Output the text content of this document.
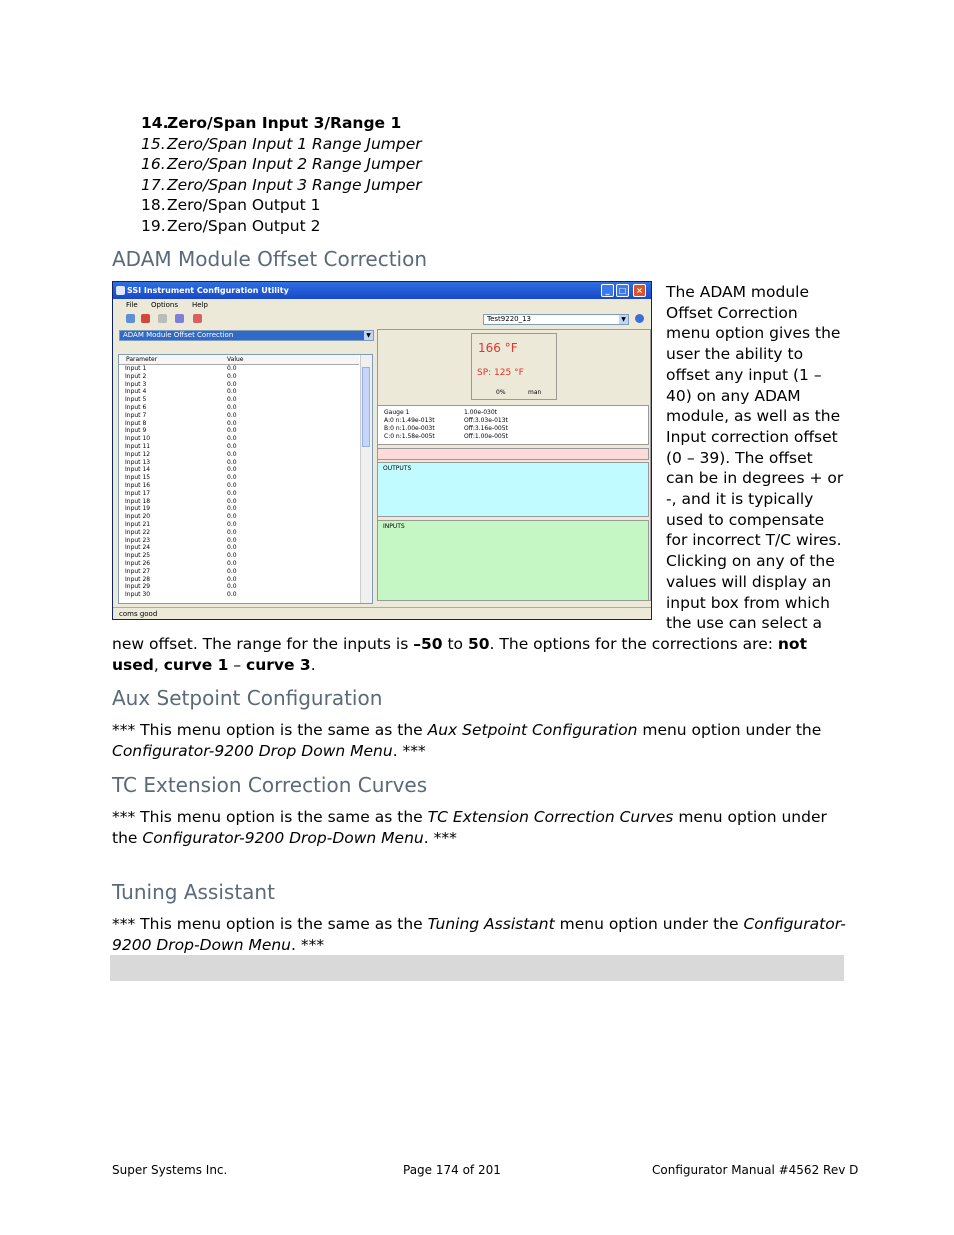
14.Zero/Span Input 3/Range 1
15.Zero/Span Input 1 Range Jumper
16.Zero/Span Input 2 Range Jumper
17.Zero/Span Input 3 Range Jumper
18.Zero/Span Output 1
19.Zero/Span Output 2
ADAM Module Offset Correction
SSI Instrument Configuration Utility	_	□	×
File Options Help
Test9220_13	▼
ADAM Module Offset Correction	▼
Parameter	Value
Input 1	0.0
Input 2	0.0
Input 3	0.0
Input 4	0.0
Input 5	0.0
Input 6	0.0
Input 7	0.0
Input 8	0.0
Input 9	0.0
Input 10	0.0
Input 11	0.0
Input 12	0.0
Input 13	0.0
Input 14	0.0
Input 15	0.0
Input 16	0.0
Input 17	0.0
Input 18	0.0
Input 19	0.0
Input 20	0.0
Input 21	0.0
Input 22	0.0
Input 23	0.0
Input 24	0.0
Input 25	0.0
Input 26	0.0
Input 27	0.0
Input 28	0.0
Input 29	0.0
Input 30	0.0
166 °F
SP: 125 °F
0%	man
Gauge 1	1.00e-030t
A:0 n:1.49e-013t	Off:3.03e-013t
B:0 n:1.00e-003t	Off:3.16e-005t
C:0 n:1.58e-005t	Off:1.00e-005t
OUTPUTS
INPUTS
coms good
The ADAM module
Offset Correction
menu option gives the
user the ability to
offset any input (1 –
40) on any ADAM
module, as well as the
Input correction offset
(0 – 39). The offset
can be in degrees + or
-, and it is typically
used to compensate
for incorrect T/C wires.
Clicking on any of the
values will display an
input box from which
the use can select a
new offset. The range for the inputs is –50 to 50. The options for the corrections are: not
used, curve 1 – curve 3.
Aux Setpoint Configuration
*** This menu option is the same as the Aux Setpoint Configuration menu option under the
Configurator-9200 Drop Down Menu. ***
TC Extension Correction Curves
*** This menu option is the same as the TC Extension Correction Curves menu option under
the Configurator-9200 Drop-Down Menu. ***
Tuning Assistant
*** This menu option is the same as the Tuning Assistant menu option under the Configurator-
9200 Drop-Down Menu. ***
Super Systems Inc.	Page 174 of 201	Configurator Manual #4562 Rev D
